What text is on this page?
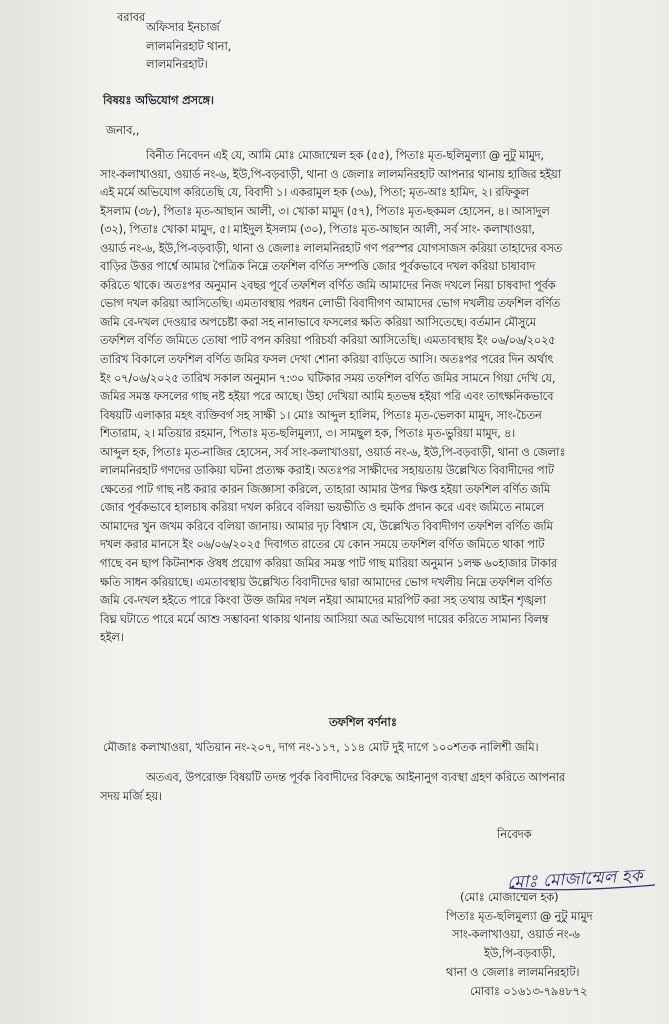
বরাবর
অফিসার ইনচার্জ
লালমনিরহাট থানা,
লালমনিরহাট।
বিষয়ঃ অভিযোগ প্রসঙ্গে।
জনাব,,
বিনীত নিবেদন এই যে, আমি মোঃ মোজাম্মেল হক (৫৫), পিতাঃ মৃত-ছলিমুল্যা @ নুটু মামুদ,
সাং-কলাখাওয়া, ওয়ার্ড নং-৬, ইউ,পি-বড়বাড়ী, থানা ও জেলাঃ লালমনিরহাট আপনার থানায় হাজির হইয়া
এই মর্মে অভিযোগ করিতেছি যে, বিবাদী ১। একরামুল হক (৩৬), পিতা; মৃত-আঃ হামিদ, ২। রফিকুল
ইসলাম (৩৮), পিতাঃ মৃত-আছান আলী, ৩। খোকা মামুদ (৫৭), পিতাঃ মৃত-ছকমল হোসেন, ৪। আসাদুল
(৩২), পিতাঃ খোকা মামুদ, ৫। মাইদুল ইসলাম (৩০), পিতাঃ মৃত-আছান আলী, সর্ব সাং- কলাখাওয়া,
ওয়ার্ড নং-৬, ইউ,পি-বড়বাড়ী, থানা ও জেলাঃ লালমনিরহাট গণ পরস্পর যোগসাজস করিয়া তাহাদের বসত
বাড়ির উত্তর পার্শ্বে আমার পৈত্রিক নিম্নে তফশিল বর্ণিত সম্পত্তি জোর পূর্বকভাবে দখল করিয়া চাষাবাদ
করিতে থাকে। অতঃপর অনুমান ২বছর পূর্বে তফশিল বর্ণিত জমি আমাদের নিজ দখলে নিয়া চাষবাদা পূর্বক
ভোগ দখল করিয়া আসিতেছি। এমতাবস্থায় পরধন লোভী বিবাদীগণ আমাদের ভোগ দখলীয় তফশিল বর্ণিত
জমি বে-দখল দেওয়ার অপচেষ্টা করা সহ নানাভাবে ফসলের ক্ষতি করিয়া আসিতেছে। বর্তমান মৌসুমে
তফশিল বর্ণিত জমিতে তোষা পাট বপন করিয়া পরিচর্যা করিয়া আসিতেছি। এমতাবস্থায় ইং ০৬/০৬/২০২৫
তারিখ বিকালে তফশিল বর্ণিত জমির ফসল দেখা শোনা করিয়া বাড়িতে আসি। অতঃপর পরের দিন অর্থাৎ
ইং ০৭/০৬/২০২৫ তারিখ সকাল অনুমান ৭:৩০ ঘটিকার সময় তফশিল বর্ণিত জমির সামনে গিয়া দেখি যে,
জমির সমস্ত ফসলের গাছ নষ্ট হইয়া পরে আছে। উহা দেখিয়া আমি হতভম্ব হইয়া পরি এবং তাৎক্ষনিকভাবে
বিষয়টি এলাকার মহৎ ব্যক্তিবর্গ সহ সাক্ষী ১। মোঃ আব্দুল হালিম, পিতাঃ মৃত-ভেলকা মামুদ, সাং-চৈতন
শিতারাম, ২। মতিয়ার রহমান, পিতাঃ মৃত-ছলিমুল্যা, ৩। সামছুল হক, পিতাঃ মৃত-ভুরিয়া মামুদ, ৪।
আব্দুল হক, পিতাঃ মৃত-নাজির হোসেন, সর্ব সাং-কলাখাওয়া, ওয়ার্ড নং-৬, ইউ,পি-বড়বাড়ী, থানা ও জেলাঃ
লালমনিরহাট গণদের ডাকিয়া ঘটনা প্রত্যক্ষ করাই। অতঃপর সাক্ষীদের সহায়তায় উল্লেখিত বিবাদীদের পাট
ক্ষেতের পাট গাছ নষ্ট করার কারন জিজ্ঞাসা করিলে, তাহারা আমার উপর ক্ষিপ্ত হইয়া তফশিল বর্ণিত জমি
জোর পূর্বকভাবে হালচাষ করিয়া দখল করিবে বলিয়া ভয়ভীতি ও হুমকি প্রদান করে এবং জমিতে নামলে
আমাদের খুন জখম করিবে বলিয়া জানায়। আমার দৃঢ় বিশ্বাস যে, উল্লেখিত বিবাদীগণ তফশিল বর্ণিত জমি
দখল করার মানসে ইং ০৬/০৬/২০২৫ দিবাগত রাতের যে কোন সময়ে তফশিল বর্ণিত জমিতে থাকা পাট
গাছে বন ছাপ কিটনাশক ঔষধ প্রয়োগ করিয়া জমির সমস্ত পাট গাছ মারিয়া অনুমান ১লক্ষ ৬০হাজার টাকার
ক্ষতি সাধন করিয়াছে। এমতাবস্থায় উল্লেখিত বিবাদীদের দ্বারা আমাদের ভোগ দখলীয় নিম্নে তফশিল বর্ণিত
জমি বে-দখল হইতে পারে কিংবা উক্ত জমির দখল নইয়া আমাদের মারপিট করা সহ তথায় আইন শৃঙ্খলা
বিঘ্ন ঘটাতে পারে মর্মে আশু সম্ভাবনা থাকায় থানায় আসিয়া অত্র অভিযোগ দায়ের করিতে সামান্য বিলম্ব
হইল।
তফশিল বর্ণনাঃ
মৌজাঃ কলাখাওয়া, খতিয়ান নং-২০৭, দাগ নং-১১৭, ১১৪ মোট দুই দাগে ১০০শতক নালিশী জমি।
অতএব, উপরোক্ত বিষয়টি তদন্ত পূর্বক বিবাদীদের বিরুদ্ধে আইনানুগ ব্যবস্থা গ্রহণ করিতে আপনার
সদয় মর্জি হয়।
নিবেদক
মোঃ মোজাম্মেল হক
(মোঃ মোজাম্মেল হক)
পিতাঃ মৃত-ছলিমুল্যা @ নুটু মামুদ
সাং-কলাখাওয়া, ওয়ার্ড নং-৬
ইউ,পি-বড়বাড়ী,
থানা ও জেলাঃ লালমনিরহাট।
মোবাঃ ০১৬১৩-৭৯৪৮৭২
